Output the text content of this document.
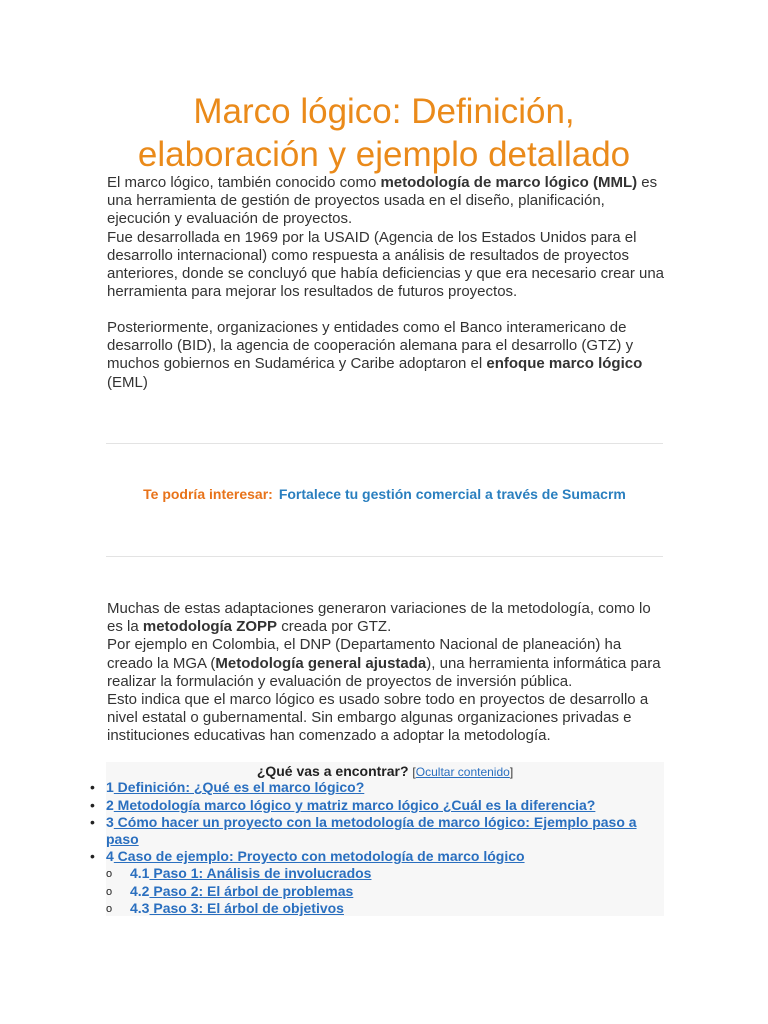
Marco lógico: Definición,
elaboración y ejemplo detallado

El marco lógico, también conocido como metodología de marco lógico (MML) es una herramienta de gestión de proyectos usada en el diseño, planificación, ejecución y evaluación de proyectos.
Fue desarrollada en 1969 por la USAID (Agencia de los Estados Unidos para el desarrollo internacional) como respuesta a análisis de resultados de proyectos anteriores, donde se concluyó que había deficiencias y que era necesario crear una herramienta para mejorar los resultados de futuros proyectos.

Posteriormente, organizaciones y entidades como el Banco interamericano de desarrollo (BID), la agencia de cooperación alemana para el desarrollo (GTZ) y muchos gobiernos en Sudamérica y Caribe adoptaron el enfoque marco lógico (EML)

Te podría interesar: Fortalece tu gestión comercial a través de Sumacrm

Muchas de estas adaptaciones generaron variaciones de la metodología, como lo es la metodología ZOPP creada por GTZ.
Por ejemplo en Colombia, el DNP (Departamento Nacional de planeación) ha creado la MGA (Metodología general ajustada), una herramienta informática para realizar la formulación y evaluación de proyectos de inversión pública.
Esto indica que el marco lógico es usado sobre todo en proyectos de desarrollo a nivel estatal o gubernamental. Sin embargo algunas organizaciones privadas e instituciones educativas han comenzado a adoptar la metodología.

¿Qué vas a encontrar? [Ocultar contenido]
• 1 Definición: ¿Qué es el marco lógico?
• 2 Metodología marco lógico y matriz marco lógico ¿Cuál es la diferencia?
• 3 Cómo hacer un proyecto con la metodología de marco lógico: Ejemplo paso a
paso
• 4 Caso de ejemplo: Proyecto con metodología de marco lógico
o 4.1 Paso 1: Análisis de involucrados
o 4.2 Paso 2: El árbol de problemas
o 4.3 Paso 3: El árbol de objetivos
